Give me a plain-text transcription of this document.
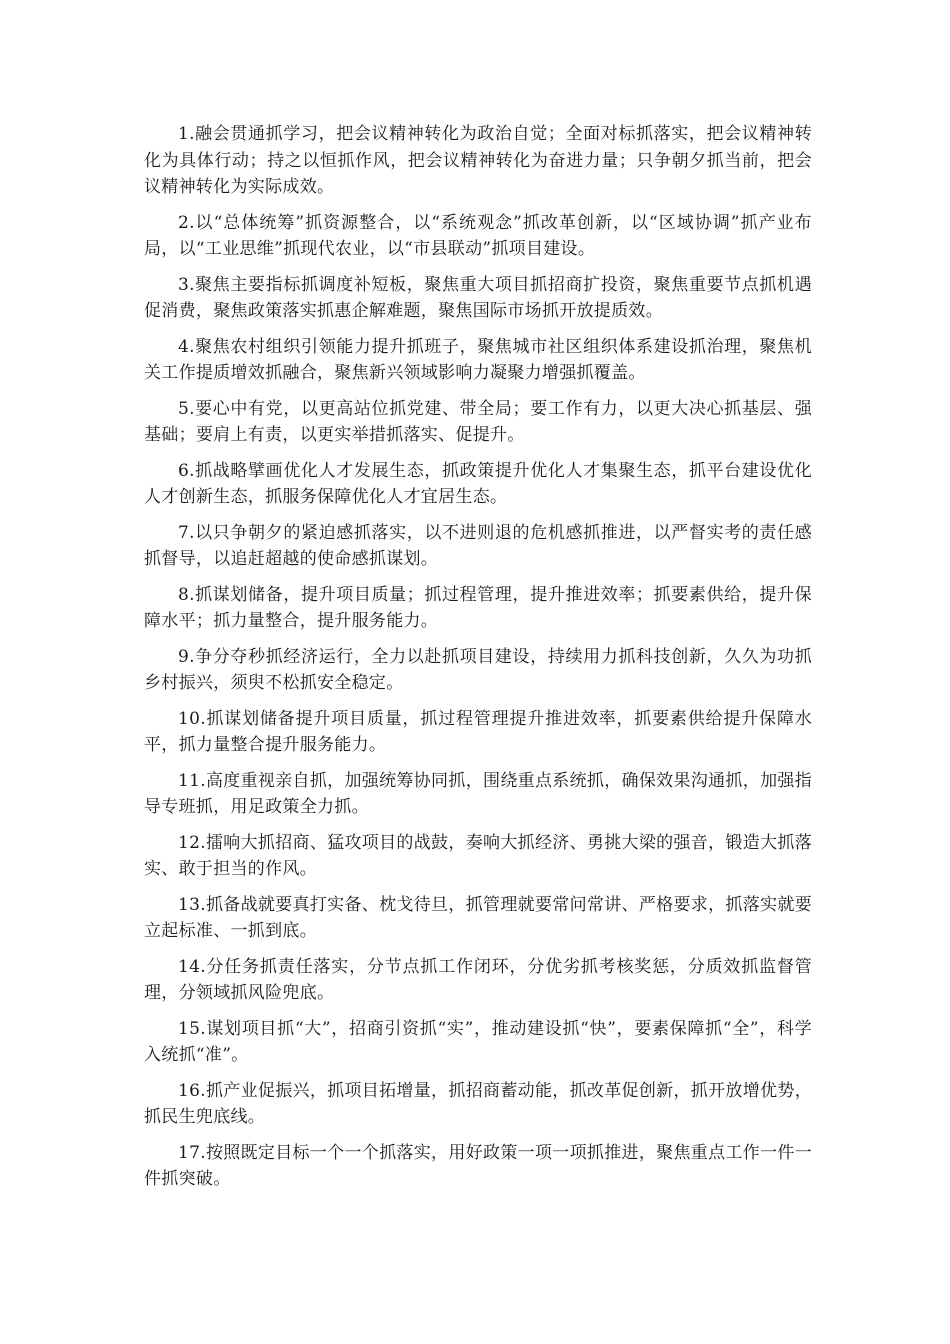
1.融会贯通抓学习，把会议精神转化为政治自觉；全面对标抓落实，把会议精神转化为具体行动；持之以恒抓作风，把会议精神转化为奋进力量；只争朝夕抓当前，把会议精神转化为实际成效。

2.以“总体统筹”抓资源整合，以“系统观念”抓改革创新，以“区域协调”抓产业布局，以“工业思维”抓现代农业，以“市县联动”抓项目建设。

3.聚焦主要指标抓调度补短板，聚焦重大项目抓招商扩投资，聚焦重要节点抓机遇促消费，聚焦政策落实抓惠企解难题，聚焦国际市场抓开放提质效。

4.聚焦农村组织引领能力提升抓班子，聚焦城市社区组织体系建设抓治理，聚焦机关工作提质增效抓融合，聚焦新兴领域影响力凝聚力增强抓覆盖。

5.要心中有党，以更高站位抓党建、带全局；要工作有力，以更大决心抓基层、强基础；要肩上有责，以更实举措抓落实、促提升。

6.抓战略擘画优化人才发展生态，抓政策提升优化人才集聚生态，抓平台建设优化人才创新生态，抓服务保障优化人才宜居生态。

7.以只争朝夕的紧迫感抓落实，以不进则退的危机感抓推进，以严督实考的责任感抓督导，以追赶超越的使命感抓谋划。

8.抓谋划储备，提升项目质量；抓过程管理，提升推进效率；抓要素供给，提升保障水平；抓力量整合，提升服务能力。

9.争分夺秒抓经济运行，全力以赴抓项目建设，持续用力抓科技创新，久久为功抓乡村振兴，须臾不松抓安全稳定。

10.抓谋划储备提升项目质量，抓过程管理提升推进效率，抓要素供给提升保障水平，抓力量整合提升服务能力。

11.高度重视亲自抓，加强统筹协同抓，围绕重点系统抓，确保效果沟通抓，加强指导专班抓，用足政策全力抓。

12.擂响大抓招商、猛攻项目的战鼓，奏响大抓经济、勇挑大梁的强音，锻造大抓落实、敢于担当的作风。

13.抓备战就要真打实备、枕戈待旦，抓管理就要常问常讲、严格要求，抓落实就要立起标准、一抓到底。

14.分任务抓责任落实，分节点抓工作闭环，分优劣抓考核奖惩，分质效抓监督管理，分领域抓风险兜底。

15.谋划项目抓“大”，招商引资抓“实”，推动建设抓“快”，要素保障抓“全”，科学入统抓“准”。

16.抓产业促振兴，抓项目拓增量，抓招商蓄动能，抓改革促创新，抓开放增优势，抓民生兜底线。

17.按照既定目标一个一个抓落实，用好政策一项一项抓推进，聚焦重点工作一件一件抓突破。
